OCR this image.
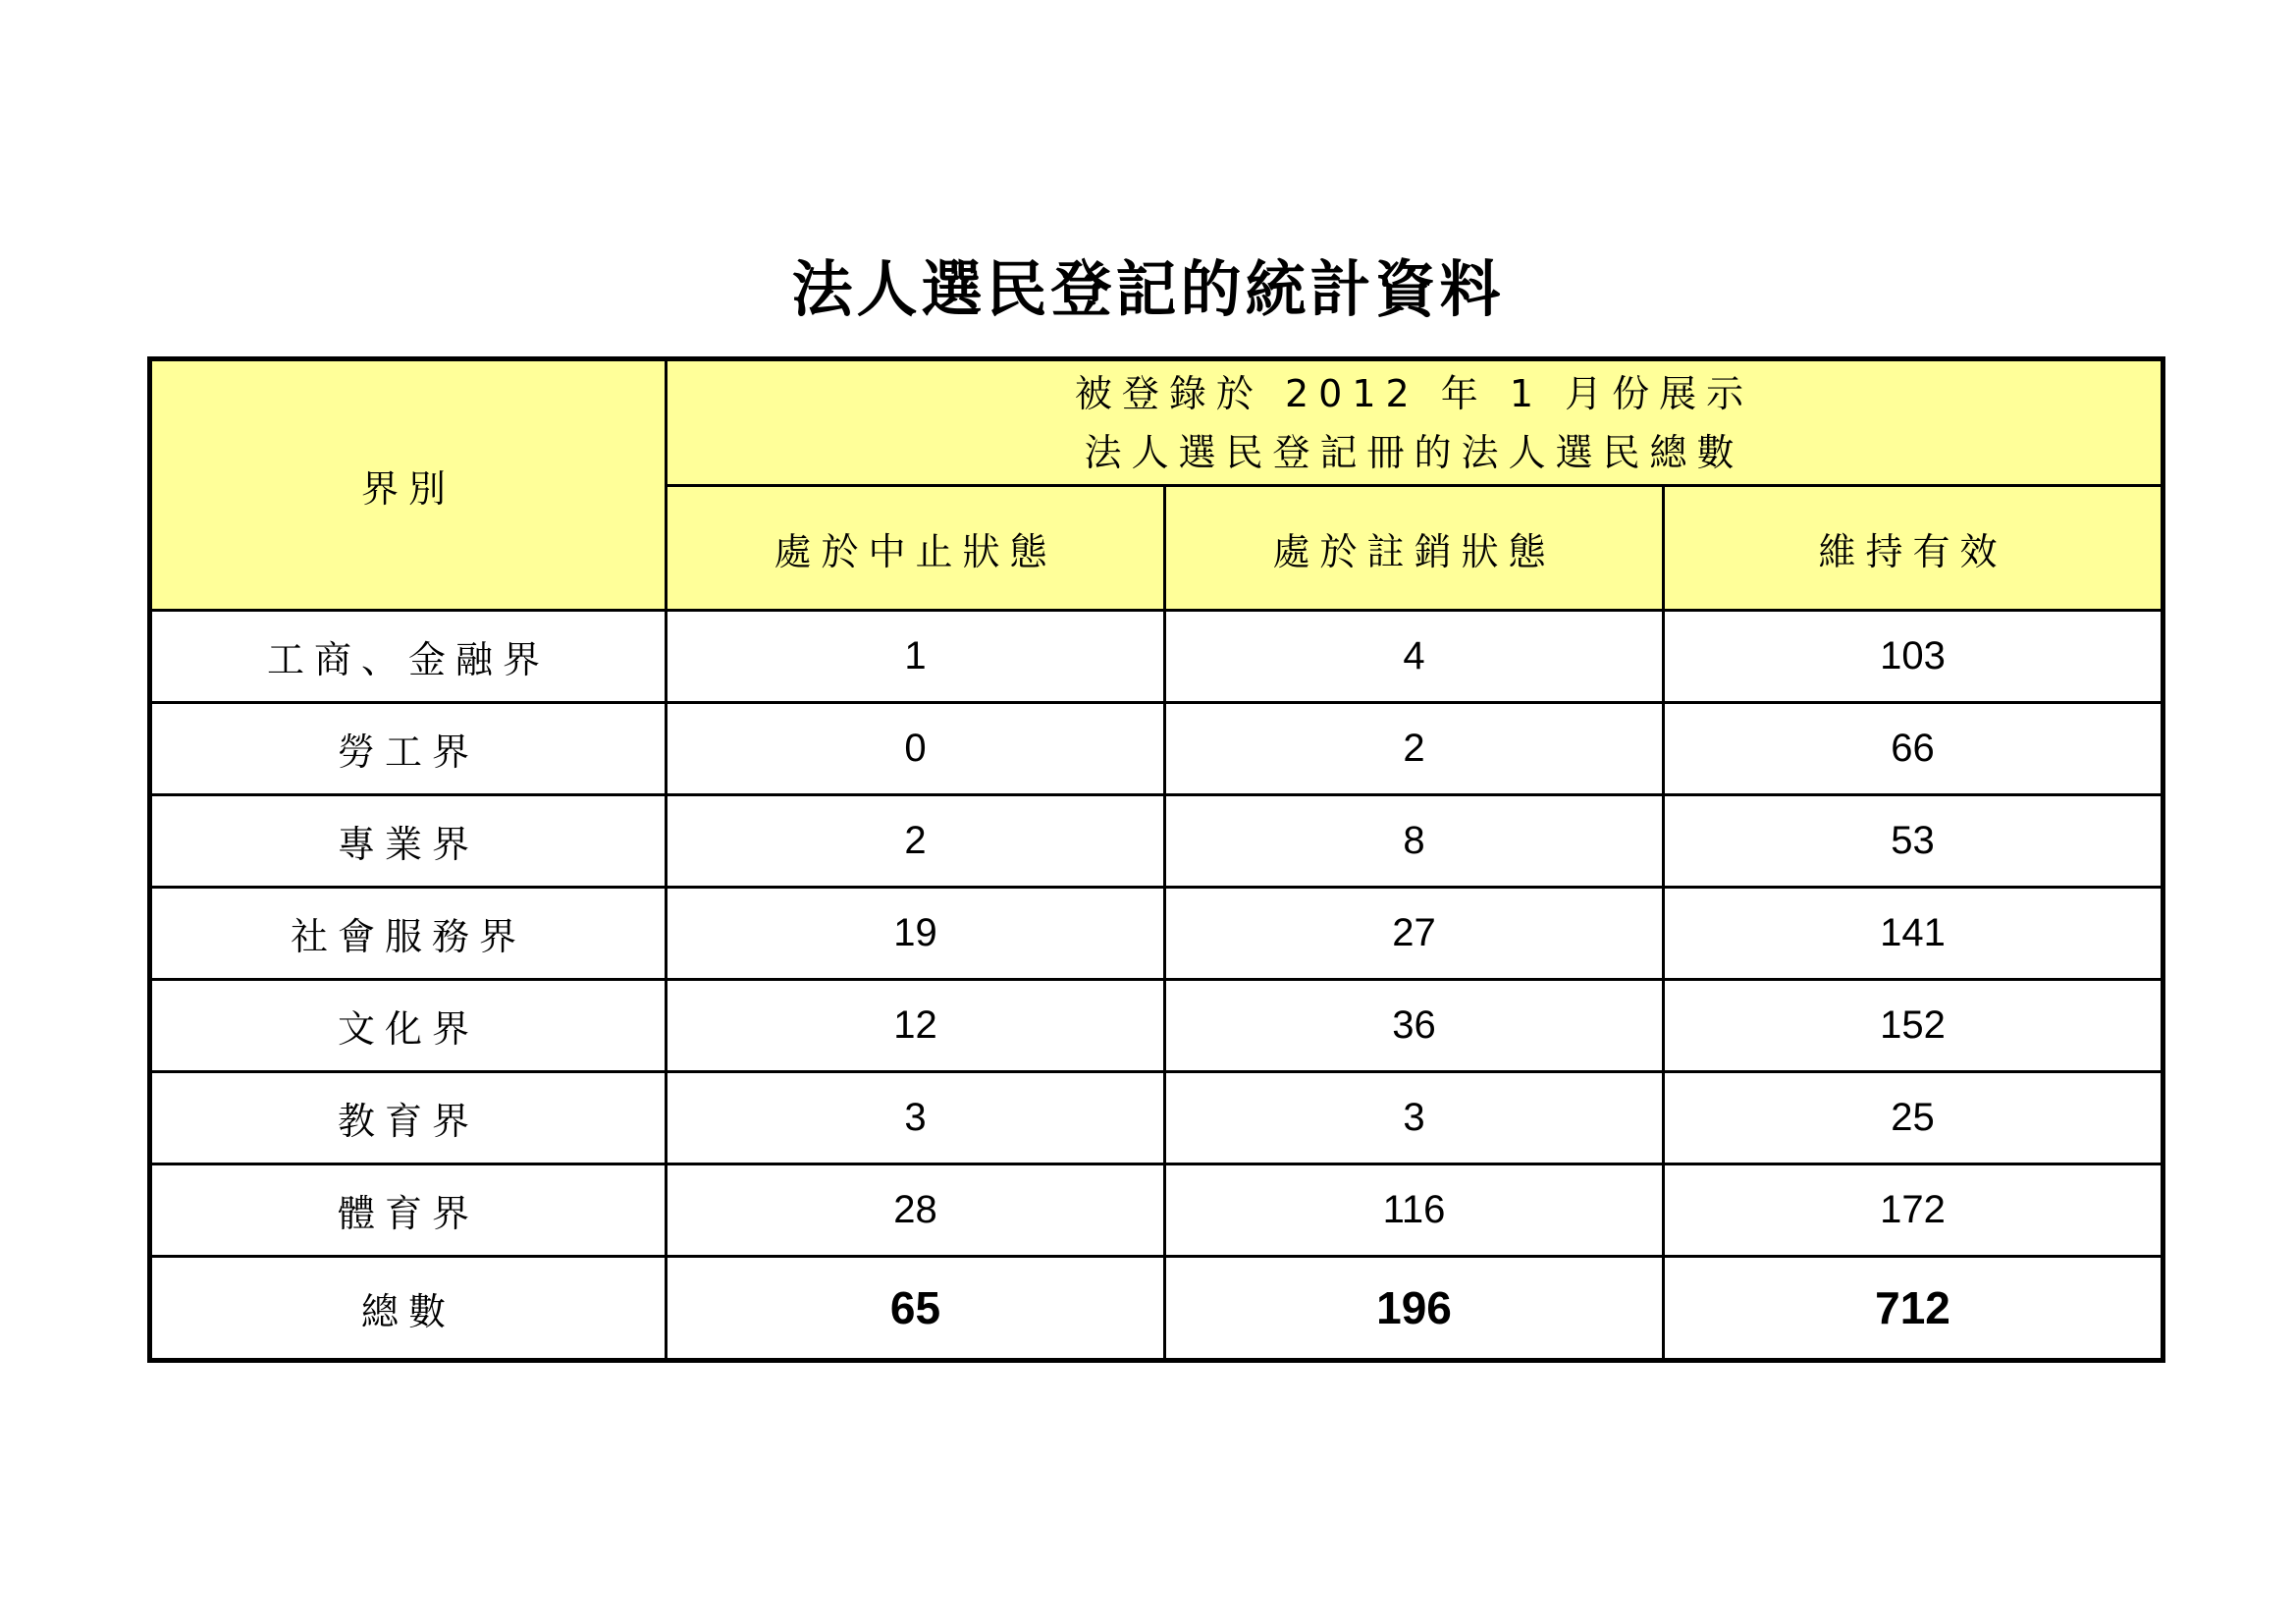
法人選民登記的統計資料
界別	被登錄於 2012 年 1 月份展示
法人選民登記冊的法人選民總數		

	處於中止狀態	處於註銷狀態	維持有效
工商、金融界	1	4	103
勞工界	0	2	66
專業界	2	8	53
社會服務界	19	27	141
文化界	12	36	152
教育界	3	3	25
體育界	28	116	172
總數	65	196	712
